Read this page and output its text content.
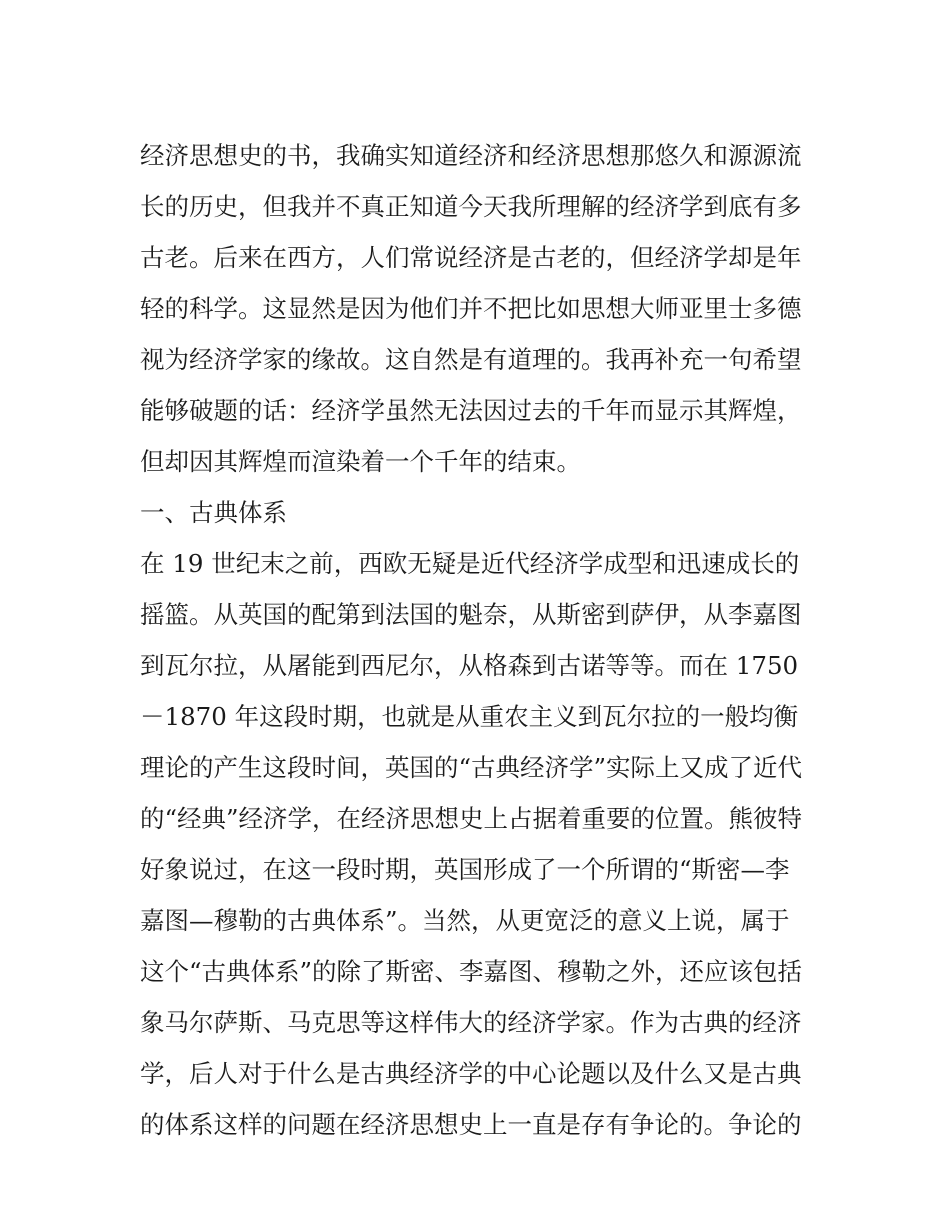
经济思想史的书，我确实知道经济和经济思想那悠久和源源流
长的历史，但我并不真正知道今天我所理解的经济学到底有多
古老。后来在西方，人们常说经济是古老的，但经济学却是年
轻的科学。这显然是因为他们并不把比如思想大师亚里士多德
视为经济学家的缘故。这自然是有道理的。我再补充一句希望
能够破题的话：经济学虽然无法因过去的千年而显示其辉煌，
但却因其辉煌而渲染着一个千年的结束。
一、古典体系
在 19 世纪末之前，西欧无疑是近代经济学成型和迅速成长的
摇篮。从英国的配第到法国的魁奈，从斯密到萨伊，从李嘉图
到瓦尔拉，从屠能到西尼尔，从格森到古诺等等。而在 1750
－1870 年这段时期，也就是从重农主义到瓦尔拉的一般均衡
理论的产生这段时间，英国的“古典经济学”实际上又成了近代
的“经典”经济学，在经济思想史上占据着重要的位置。熊彼特
好象说过，在这一段时期，英国形成了一个所谓的“斯密—李
嘉图—穆勒的古典体系”。当然，从更宽泛的意义上说，属于
这个“古典体系”的除了斯密、李嘉图、穆勒之外，还应该包括
象马尔萨斯、马克思等这样伟大的经济学家。作为古典的经济
学，后人对于什么是古典经济学的中心论题以及什么又是古典
的体系这样的问题在经济思想史上一直是存有争论的。争论的
